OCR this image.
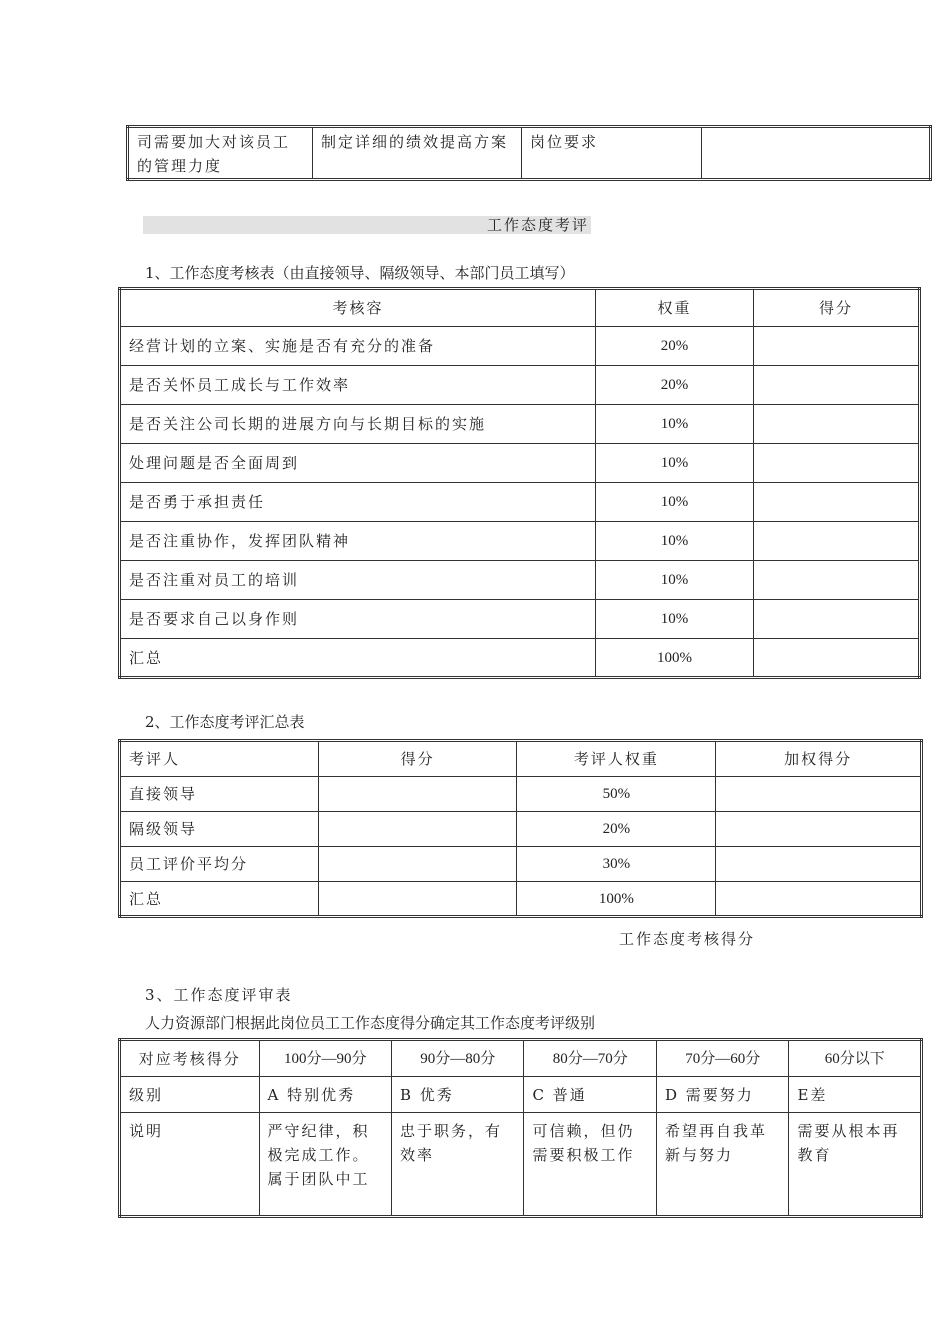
司需要加大对该员工的管理力度	制定详细的绩效提高方案	岗位要求	
工作态度考评
1、工作态度考核表（由直接领导、隔级领导、本部门员工填写）
考核容	权重	得分
经营计划的立案、实施是否有充分的准备	20%	
是否关怀员工成长与工作效率	20%	
是否关注公司长期的进展方向与长期目标的实施	10%	
处理问题是否全面周到	10%	
是否勇于承担责任	10%	
是否注重协作，发挥团队精神	10%	
是否注重对员工的培训	10%	
是否要求自己以身作则	10%	
汇总	100%	
2、工作态度考评汇总表
考评人	得分	考评人权重	加权得分
直接领导		50%	
隔级领导		20%	
员工评价平均分		30%	
汇总		100%	
工作态度考核得分
3、工作态度评审表
人力资源部门根据此岗位员工工作态度得分确定其工作态度考评级别
对应考核得分	100分—90分	90分—80分	80分—70分	70分—60分	60分以下
级别	A 特别优秀	B 优秀	C 普通	D 需要努力	E差
说明	严守纪律，积极完成工作。属于团队中工	忠于职务，有效率	可信赖，但仍需要积极工作	希望再自我革新与努力	需要从根本再教育
